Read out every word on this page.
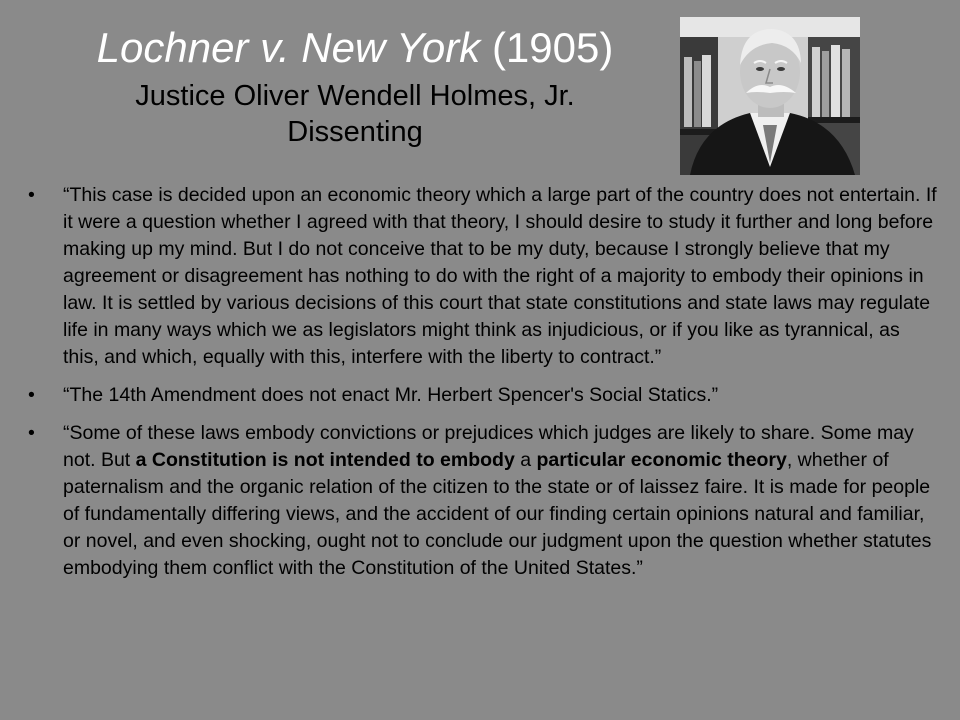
Lochner v. New York (1905)
Justice Oliver Wendell Holmes, Jr.
Dissenting
• “This case is decided upon an economic theory which a large part of the country does not entertain. If it were a question whether I agreed with that theory, I should desire to study it further and long before making up my mind. But I do not conceive that to be my duty, because I strongly believe that my agreement or disagreement has nothing to do with the right of a majority to embody their opinions in law. It is settled by various decisions of this court that state constitutions and state laws may regulate life in many ways which we as legislators might think as injudicious, or if you like as tyrannical, as this, and which, equally with this, interfere with the liberty to contract.”
• “The 14th Amendment does not enact Mr. Herbert Spencer's Social Statics.”
• “Some of these laws embody convictions or prejudices which judges are likely to share. Some may not. But a Constitution is not intended to embody a particular economic theory, whether of paternalism and the organic relation of the citizen to the state or of laissez faire. It is made for people of fundamentally differing views, and the accident of our finding certain opinions natural and familiar, or novel, and even shocking, ought not to conclude our judgment upon the question whether statutes embodying them conflict with the Constitution of the United States.”
